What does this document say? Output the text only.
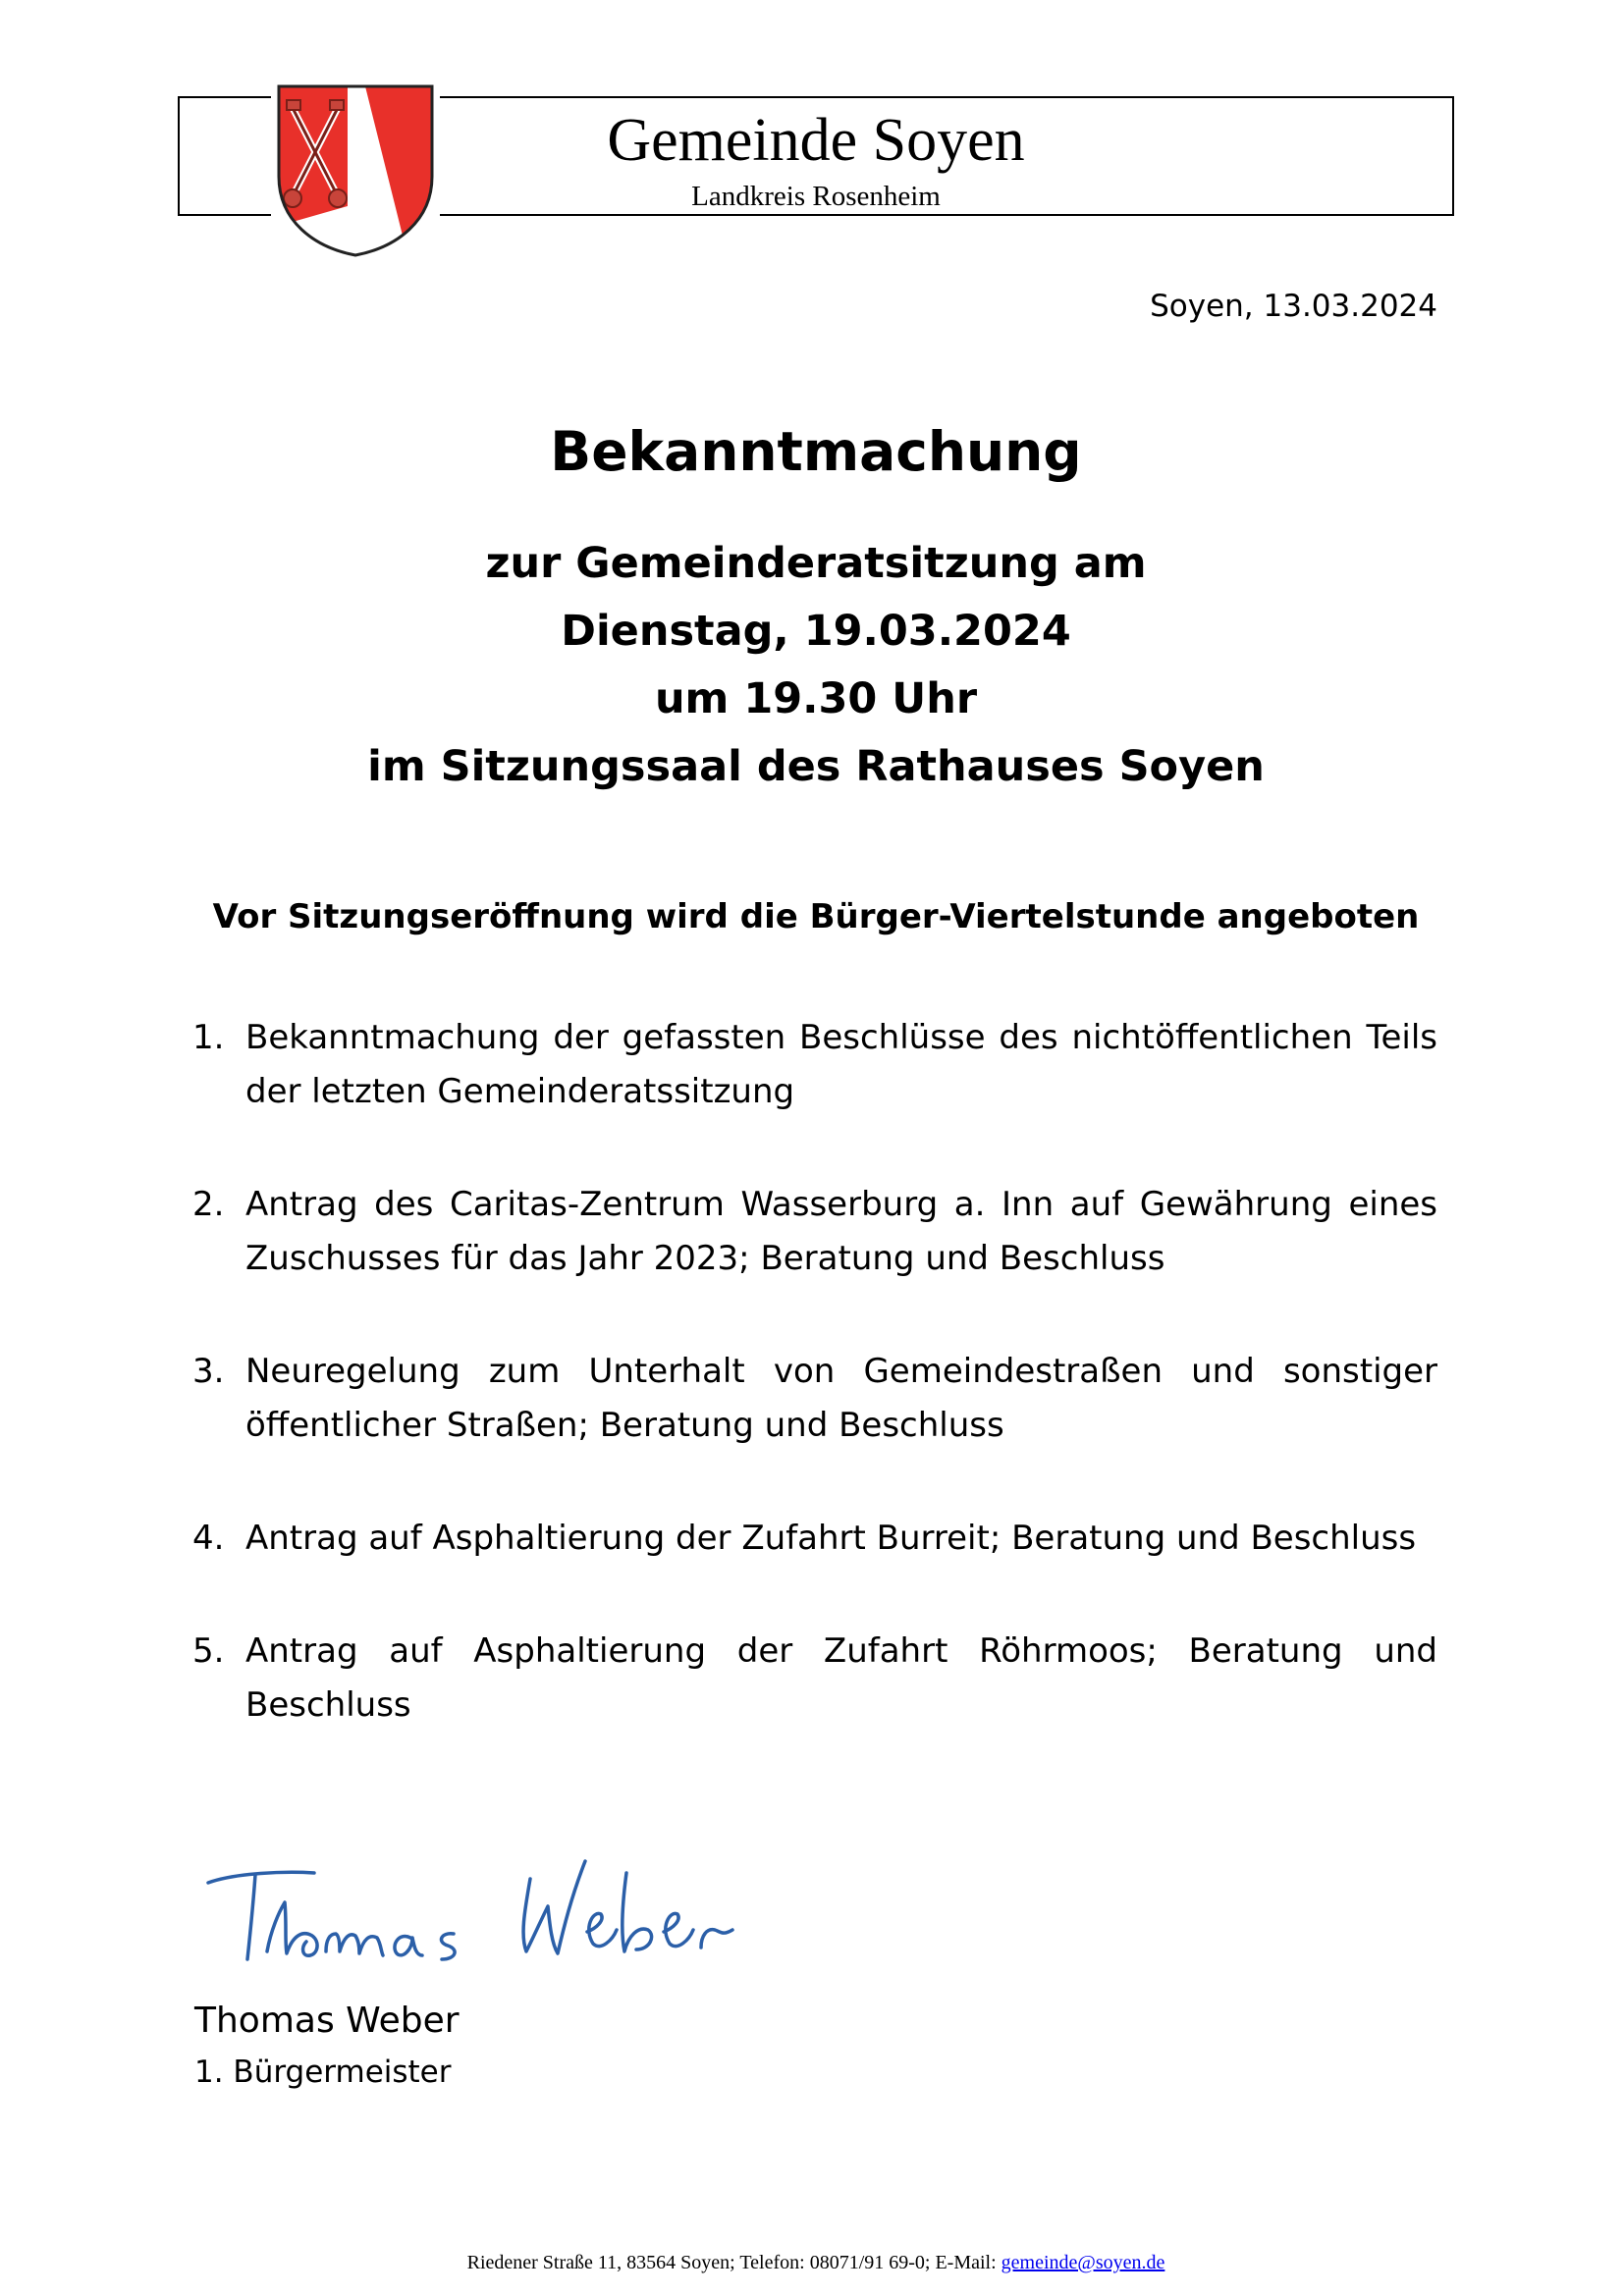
Gemeinde Soyen
Landkreis Rosenheim
Soyen, 13.03.2024
Bekanntmachung
zur Gemeinderatsitzung am
Dienstag, 19.03.2024
um 19.30 Uhr
im Sitzungssaal des Rathauses Soyen
Vor Sitzungseröffnung wird die Bürger-Viertelstunde angeboten
1. Bekanntmachung der gefassten Beschlüsse des nichtöffentlichen Teils der letzten Gemeinderatssitzung
2. Antrag des Caritas-Zentrum Wasserburg a. Inn auf Gewährung eines Zuschusses für das Jahr 2023; Beratung und Beschluss
3. Neuregelung zum Unterhalt von Gemeindestraßen und sonstiger öffentlicher Straßen; Beratung und Beschluss
4. Antrag auf Asphaltierung der Zufahrt Burreit; Beratung und Beschluss
5. Antrag auf Asphaltierung der Zufahrt Röhrmoos; Beratung und Beschluss
Thomas Weber
1. Bürgermeister
Riedener Straße 11, 83564 Soyen; Telefon: 08071/91 69-0; E-Mail: gemeinde@soyen.de
